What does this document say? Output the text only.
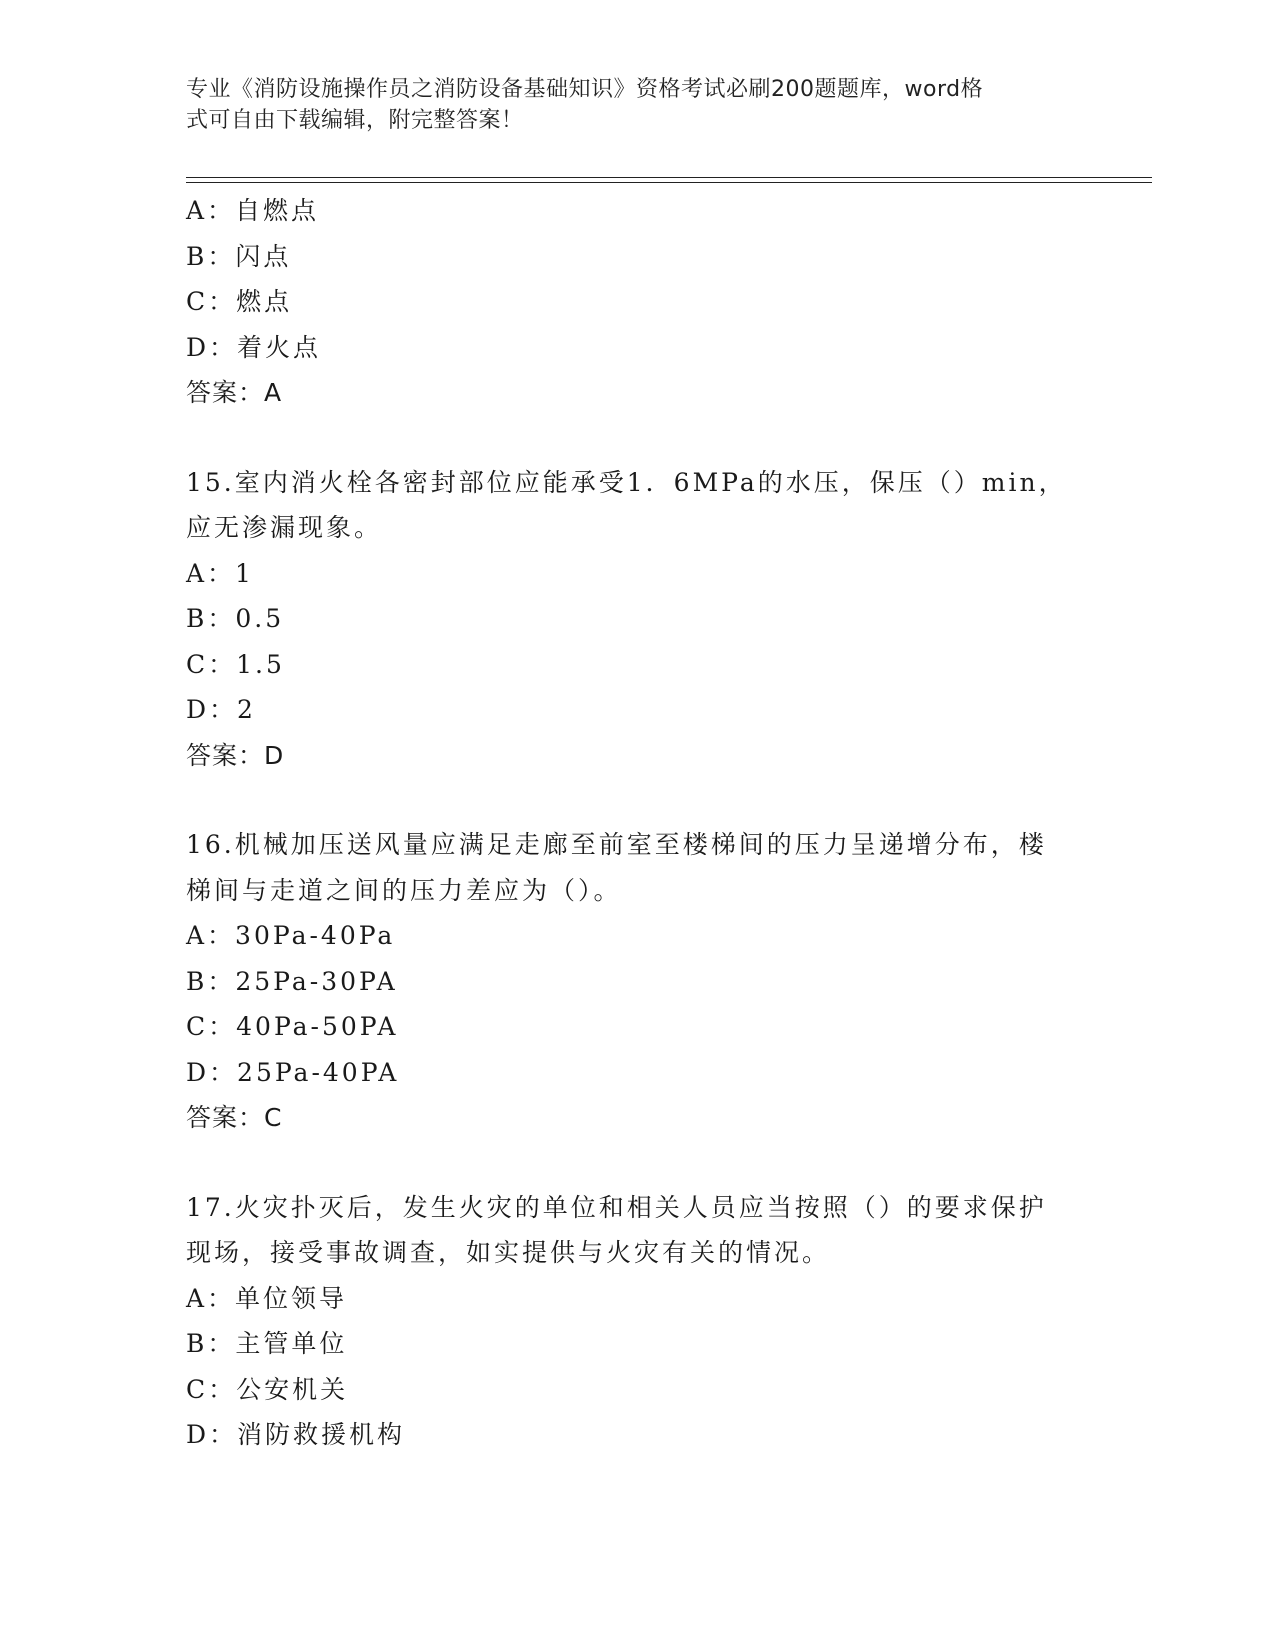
专业《消防设施操作员之消防设备基础知识》资格考试必刷200题题库，word格
式可自由下载编辑，附完整答案！
A：自燃点
B：闪点
C：燃点
D：着火点
答案：A
15.室内消火栓各密封部位应能承受1．6MPa的水压，保压（）min，
应无渗漏现象。
A：1
B：0.5
C：1.5
D：2
答案：D
16.机械加压送风量应满足走廊至前室至楼梯间的压力呈递增分布，楼
梯间与走道之间的压力差应为（）。
A：30Pa-40Pa
B：25Pa-30PA
C：40Pa-50PA
D：25Pa-40PA
答案：C
17.火灾扑灭后，发生火灾的单位和相关人员应当按照（）的要求保护
现场，接受事故调查，如实提供与火灾有关的情况。
A：单位领导
B：主管单位
C：公安机关
D：消防救援机构
